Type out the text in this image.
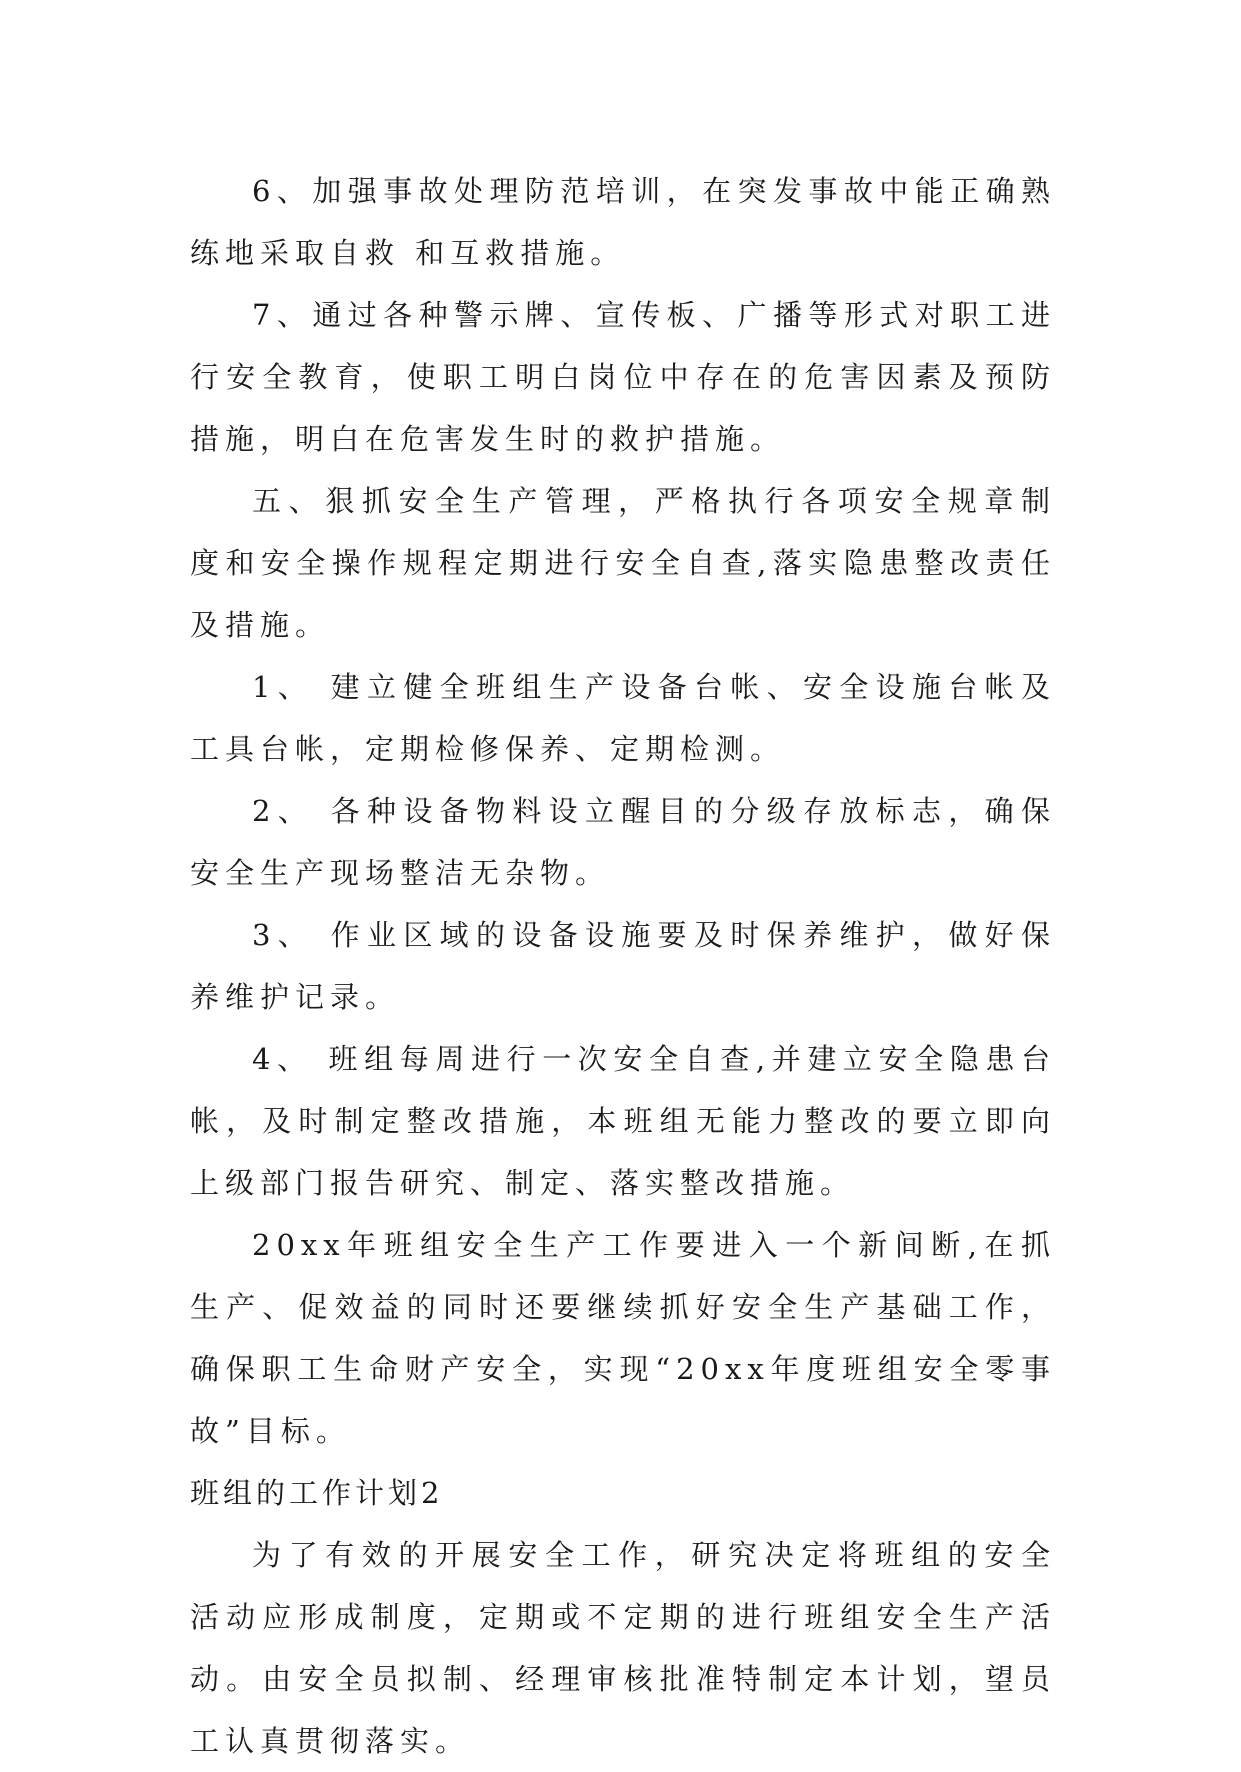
6、加强事故处理防范培训，在突发事故中能正确熟练地采取自救 和互救措施。

7、通过各种警示牌、宣传板、广播等形式对职工进行安全教育，使职工明白岗位中存在的危害因素及预防措施，明白在危害发生时的救护措施。

五、狠抓安全生产管理，严格执行各项安全规章制度和安全操作规程定期进行安全自查,落实隐患整改责任及措施。

1、 建立健全班组生产设备台帐、安全设施台帐及工具台帐，定期检修保养、定期检测。

2、 各种设备物料设立醒目的分级存放标志，确保安全生产现场整洁无杂物。

3、 作业区域的设备设施要及时保养维护，做好保养维护记录。

4、 班组每周进行一次安全自查,并建立安全隐患台帐，及时制定整改措施，本班组无能力整改的要立即向上级部门报告研究、制定、落实整改措施。

20xx年班组安全生产工作要进入一个新间断,在抓生产、促效益的同时还要继续抓好安全生产基础工作，确保职工生命财产安全，实现“20xx年度班组安全零事故”目标。

班组的工作计划2

为了有效的开展安全工作，研究决定将班组的安全活动应形成制度，定期或不定期的进行班组安全生产活动。由安全员拟制、经理审核批准特制定本计划，望员工认真贯彻落实。
